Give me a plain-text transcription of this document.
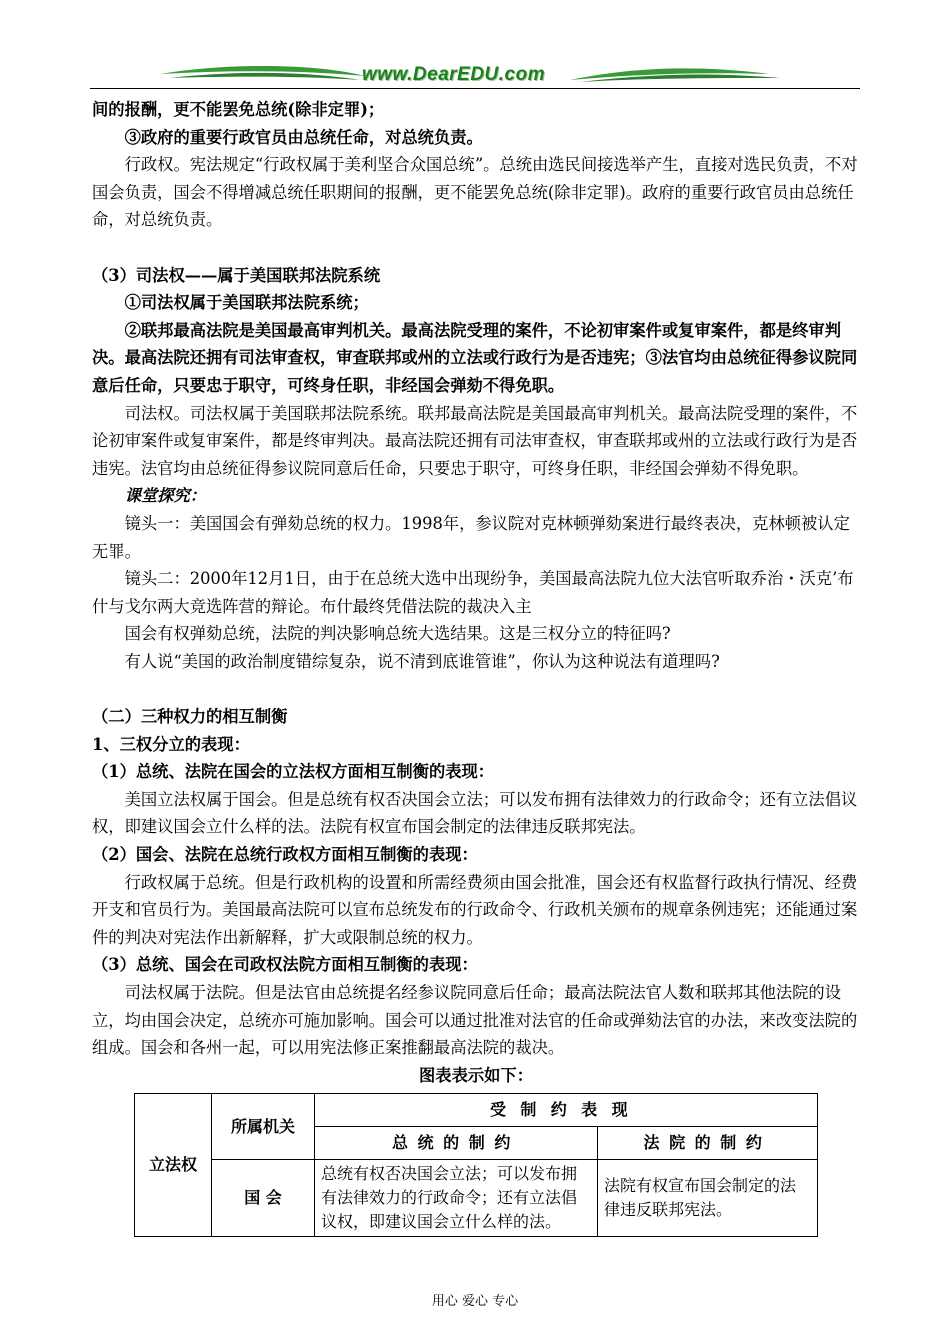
www.DearEDU.com

间的报酬，更不能罢免总统(除非定罪)；

③政府的重要行政官员由总统任命，对总统负责。

行政权。宪法规定“行政权属于美利坚合众国总统”。总统由选民间接选举产生，直接对选民负责，不对国会负责，国会不得增减总统任职期间的报酬，更不能罢免总统(除非定罪)。政府的重要行政官员由总统任命，对总统负责。

（3）司法权——属于美国联邦法院系统

①司法权属于美国联邦法院系统；

②联邦最高法院是美国最高审判机关。最高法院受理的案件，不论初审案件或复审案件，都是终审判决。最高法院还拥有司法审查权，审查联邦或州的立法或行政行为是否违宪；③法官均由总统征得参议院同意后任命，只要忠于职守，可终身任职，非经国会弹劾不得免职。

司法权。司法权属于美国联邦法院系统。联邦最高法院是美国最高审判机关。最高法院受理的案件，不论初审案件或复审案件，都是终审判决。最高法院还拥有司法审查权，审查联邦或州的立法或行政行为是否违宪。法官均由总统征得参议院同意后任命，只要忠于职守，可终身任职，非经国会弹劾不得免职。

课堂探究：

镜头一：美国国会有弹劾总统的权力。1998年，参议院对克林顿弹劾案进行最终表决，克林顿被认定无罪。

镜头二：2000年12月1日，由于在总统大选中出现纷争，美国最高法院九位大法官听取乔治・沃克’布什与戈尔两大竞选阵营的辩论。布什最终凭借法院的裁决入主

国会有权弹劾总统，法院的判决影响总统大选结果。这是三权分立的特征吗?

有人说“美国的政治制度错综复杂，说不清到底谁管谁”，你认为这种说法有道理吗?

（二）三种权力的相互制衡

1、三权分立的表现：

（1）总统、法院在国会的立法权方面相互制衡的表现：

美国立法权属于国会。但是总统有权否决国会立法；可以发布拥有法律效力的行政命令；还有立法倡议权，即建议国会立什么样的法。法院有权宣布国会制定的法律违反联邦宪法。

（2）国会、法院在总统行政权方面相互制衡的表现：

行政权属于总统。但是行政机构的设置和所需经费须由国会批准，国会还有权监督行政执行情况、经费开支和官员行为。美国最高法院可以宣布总统发布的行政命令、行政机关颁布的规章条例违宪；还能通过案件的判决对宪法作出新解释，扩大或限制总统的权力。

（3）总统、国会在司政权法院方面相互制衡的表现：

司法权属于法院。但是法官由总统提名经参议院同意后任命；最高法院法官人数和联邦其他法院的设立，均由国会决定，总统亦可施加影响。国会可以通过批准对法官的任命或弹劾法官的办法，来改变法院的组成。国会和各州一起，可以用宪法修正案推翻最高法院的裁决。

图表表示如下：

立法权	所属机关	受制约表现	
		总统的制约	法院的制约
	国 会	总统有权否决国会立法；可以发布拥有法律效力的行政命令；还有立法倡议权，即建议国会立什么样的法。	法院有权宣布国会制定的法律违反联邦宪法。
用心 爱心 专心
